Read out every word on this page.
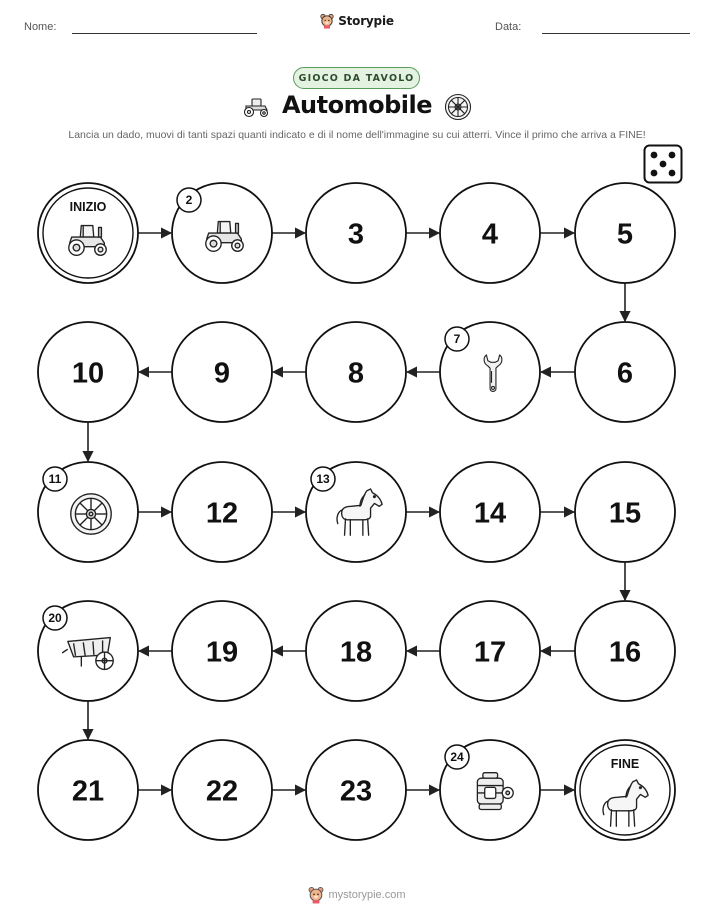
Nome:	Storypie	Data:
GIOCO DA TAVOLO
Automobile
Lancia un dado, muovi di tanti spazi quanti indicato e di il nome dell'immagine su cui atterri. Vince il primo che arriva a FINE!
INIZIO	2
3	4	5
6
7
8
9
10
11
12
13
14	15
16
17
18
19
20
21	22	23
24	FINE
mystorypie.com
